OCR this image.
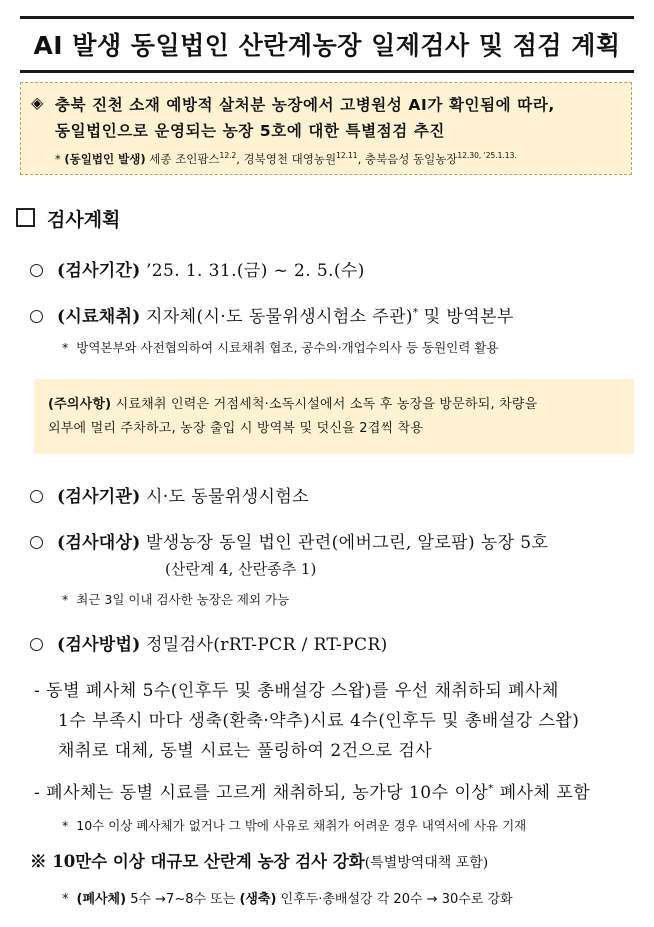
AI 발생 동일법인 산란계농장 일제검사 및 점검 계획
◈ 충북 진천 소재 예방적 살처분 농장에서 고병원성 AI가 확인됨에 따라,
동일법인으로 운영되는 농장 5호에 대한 특별점검 추진
* (동일법인 발생) 세종 조인팜스$^{12.2}$, 경북영천 대영농원$^{12.11}$, 충북음성 동일농장$^{12.30, '25.1.13.}$
검사계획
(검사기간) ’25. 1. 31.(금) ~ 2. 5.(수)
(시료채취) 지자체(시·도 동물위생시험소 주관)* 및 방역본부
* 방역본부와 사전협의하여 시료채취 협조, 공수의·개업수의사 등 동원인력 활용
(주의사항) 시료채취 인력은 거점세척·소독시설에서 소독 후 농장을 방문하되, 차량을
외부에 멀리 주차하고, 농장 출입 시 방역복 및 덧신을 2겹씩 착용
(검사기관) 시·도 동물위생시험소
(검사대상) 발생농장 동일 법인 관련(에버그린, 알로팜) 농장 5호
(산란계 4, 산란종추 1)
* 최근 3일 이내 검사한 농장은 제외 가능
(검사방법) 정밀검사(rRT-PCR / RT-PCR)
- 동별 폐사체 5수(인후두 및 총배설강 스왑)를 우선 채취하되 폐사체
1수 부족시 마다 생축(환축·약추)시료 4수(인후두 및 총배설강 스왑)
채취로 대체, 동별 시료는 풀링하여 2건으로 검사
- 폐사체는 동별 시료를 고르게 채취하되, 농가당 10수 이상* 폐사체 포함
* 10수 이상 폐사체가 없거나 그 밖에 사유로 채취가 어려운 경우 내역서에 사유 기재
※ 10만수 이상 대규모 산란계 농장 검사 강화(특별방역대책 포함)
* (폐사체) 5수 →7~8수 또는 (생축) 인후두·총배설강 각 20수 → 30수로 강화
